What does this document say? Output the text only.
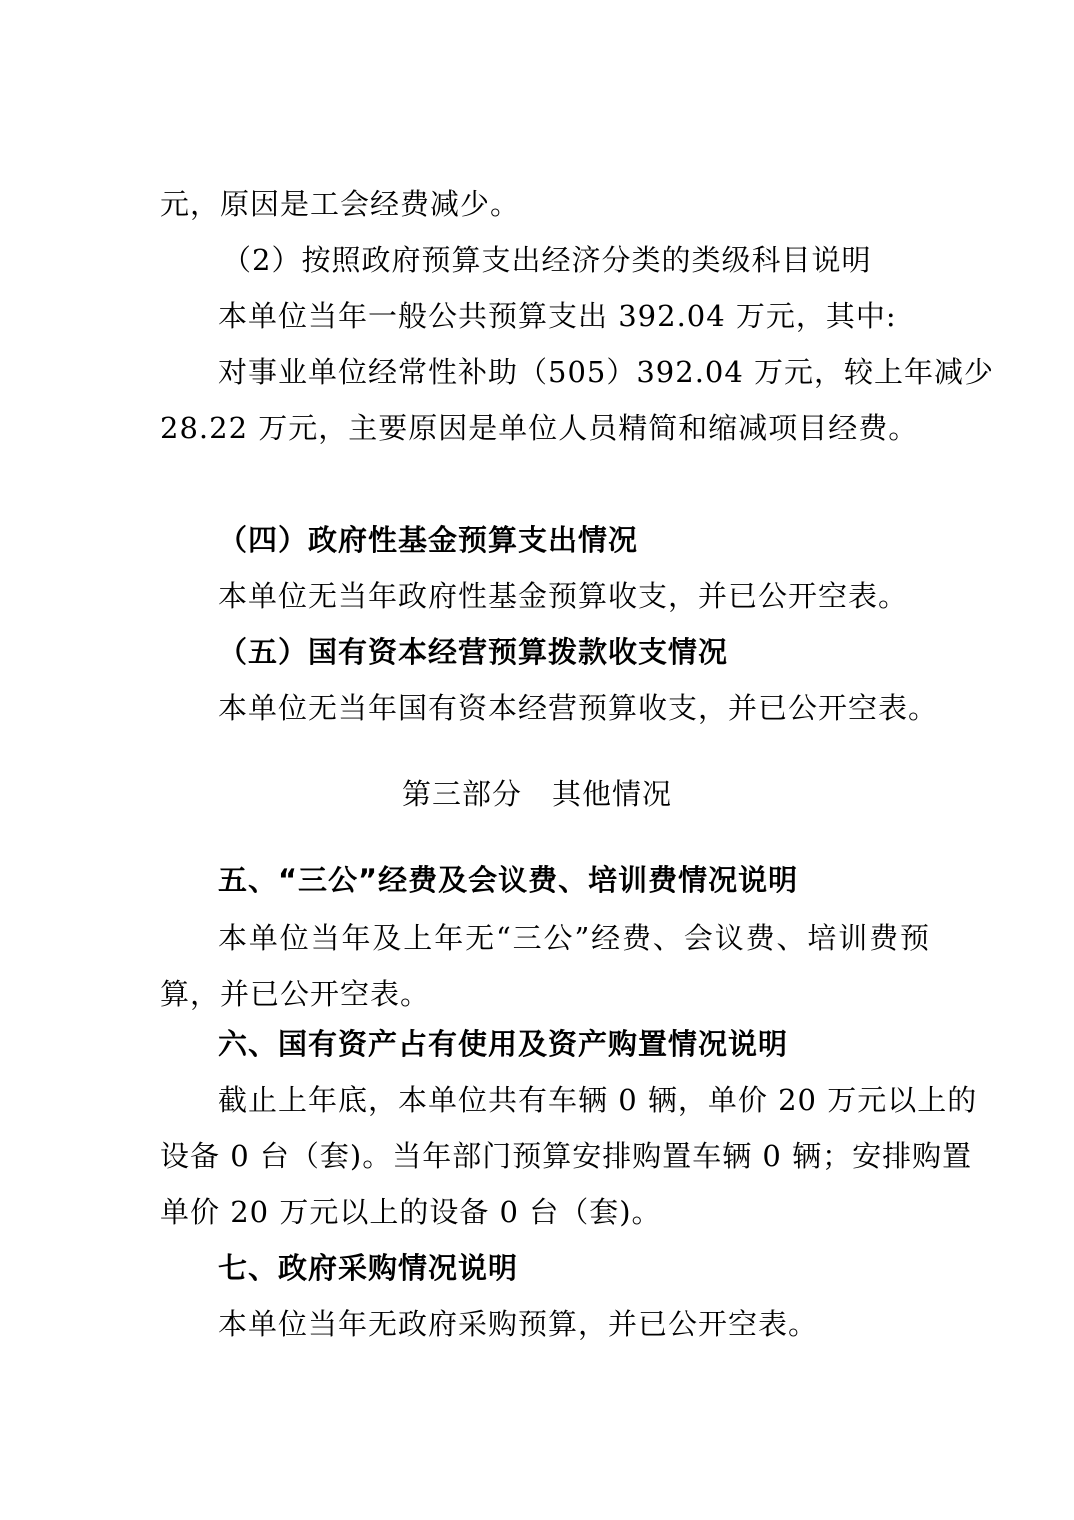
元，原因是工会经费减少。
（2）按照政府预算支出经济分类的类级科目说明
本单位当年一般公共预算支出 392.04 万元，其中:
对事业单位经常性补助（505）392.04 万元，较上年减少
28.22 万元，主要原因是单位人员精简和缩减项目经费。
（四）政府性基金预算支出情况
本单位无当年政府性基金预算收支，并已公开空表。
（五）国有资本经营预算拨款收支情况
本单位无当年国有资本经营预算收支，并已公开空表。
第三部分　其他情况
五、“三公”经费及会议费、培训费情况说明
本单位当年及上年无“三公”经费、会议费、培训费预
算，并已公开空表。
六、国有资产占有使用及资产购置情况说明
截止上年底，本单位共有车辆 0 辆，单价 20 万元以上的
设备 0 台（套)。当年部门预算安排购置车辆 0 辆；安排购置
单价 20 万元以上的设备 0 台（套)。
七、政府采购情况说明
本单位当年无政府采购预算，并已公开空表。
